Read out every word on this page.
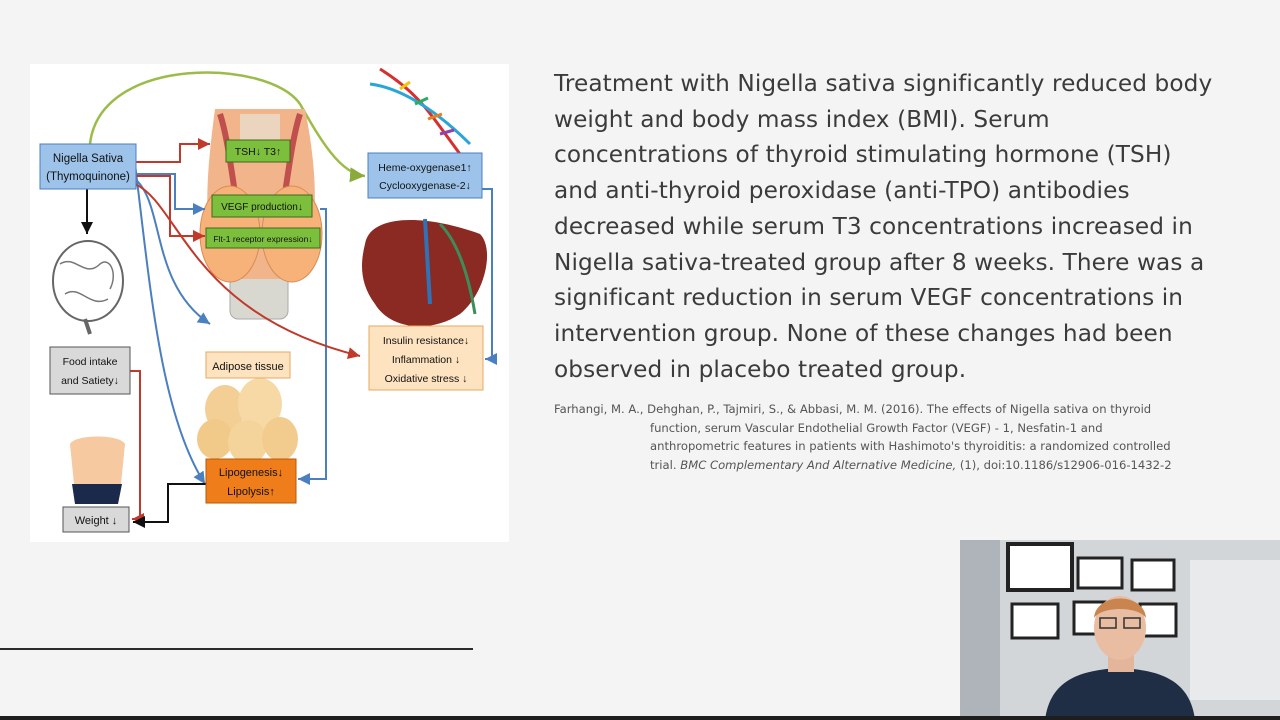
Nigella Sativa
(Thymoquinone)
TSH↓ T3↑
VEGF production↓
Flt-1 receptor expression↓
Heme-oxygenase1↑
Cyclooxygenase-2↓
Insulin resistance↓
Inflammation ↓
Oxidative stress ↓
Food intake
and Satiety↓
Adipose tissue
Lipogenesis↓
Lipolysis↑
Weight ↓

Treatment with Nigella sativa significantly reduced body weight and body mass index (BMI). Serum concentrations of thyroid stimulating hormone (TSH) and anti-thyroid peroxidase (anti-TPO) antibodies decreased while serum T3 concentrations increased in Nigella sativa-treated group after 8 weeks. There was a significant reduction in serum VEGF concentrations in intervention group. None of these changes had been observed in placebo treated group.

Farhangi, M. A., Dehghan, P., Tajmiri, S., & Abbasi, M. M. (2016). The effects of Nigella sativa on thyroid
function, serum Vascular Endothelial Growth Factor (VEGF) - 1, Nesfatin-1 and
anthropometric features in patients with Hashimoto's thyroiditis: a randomized controlled
trial. BMC Complementary And Alternative Medicine, (1), doi:10.1186/s12906-016-1432-2
